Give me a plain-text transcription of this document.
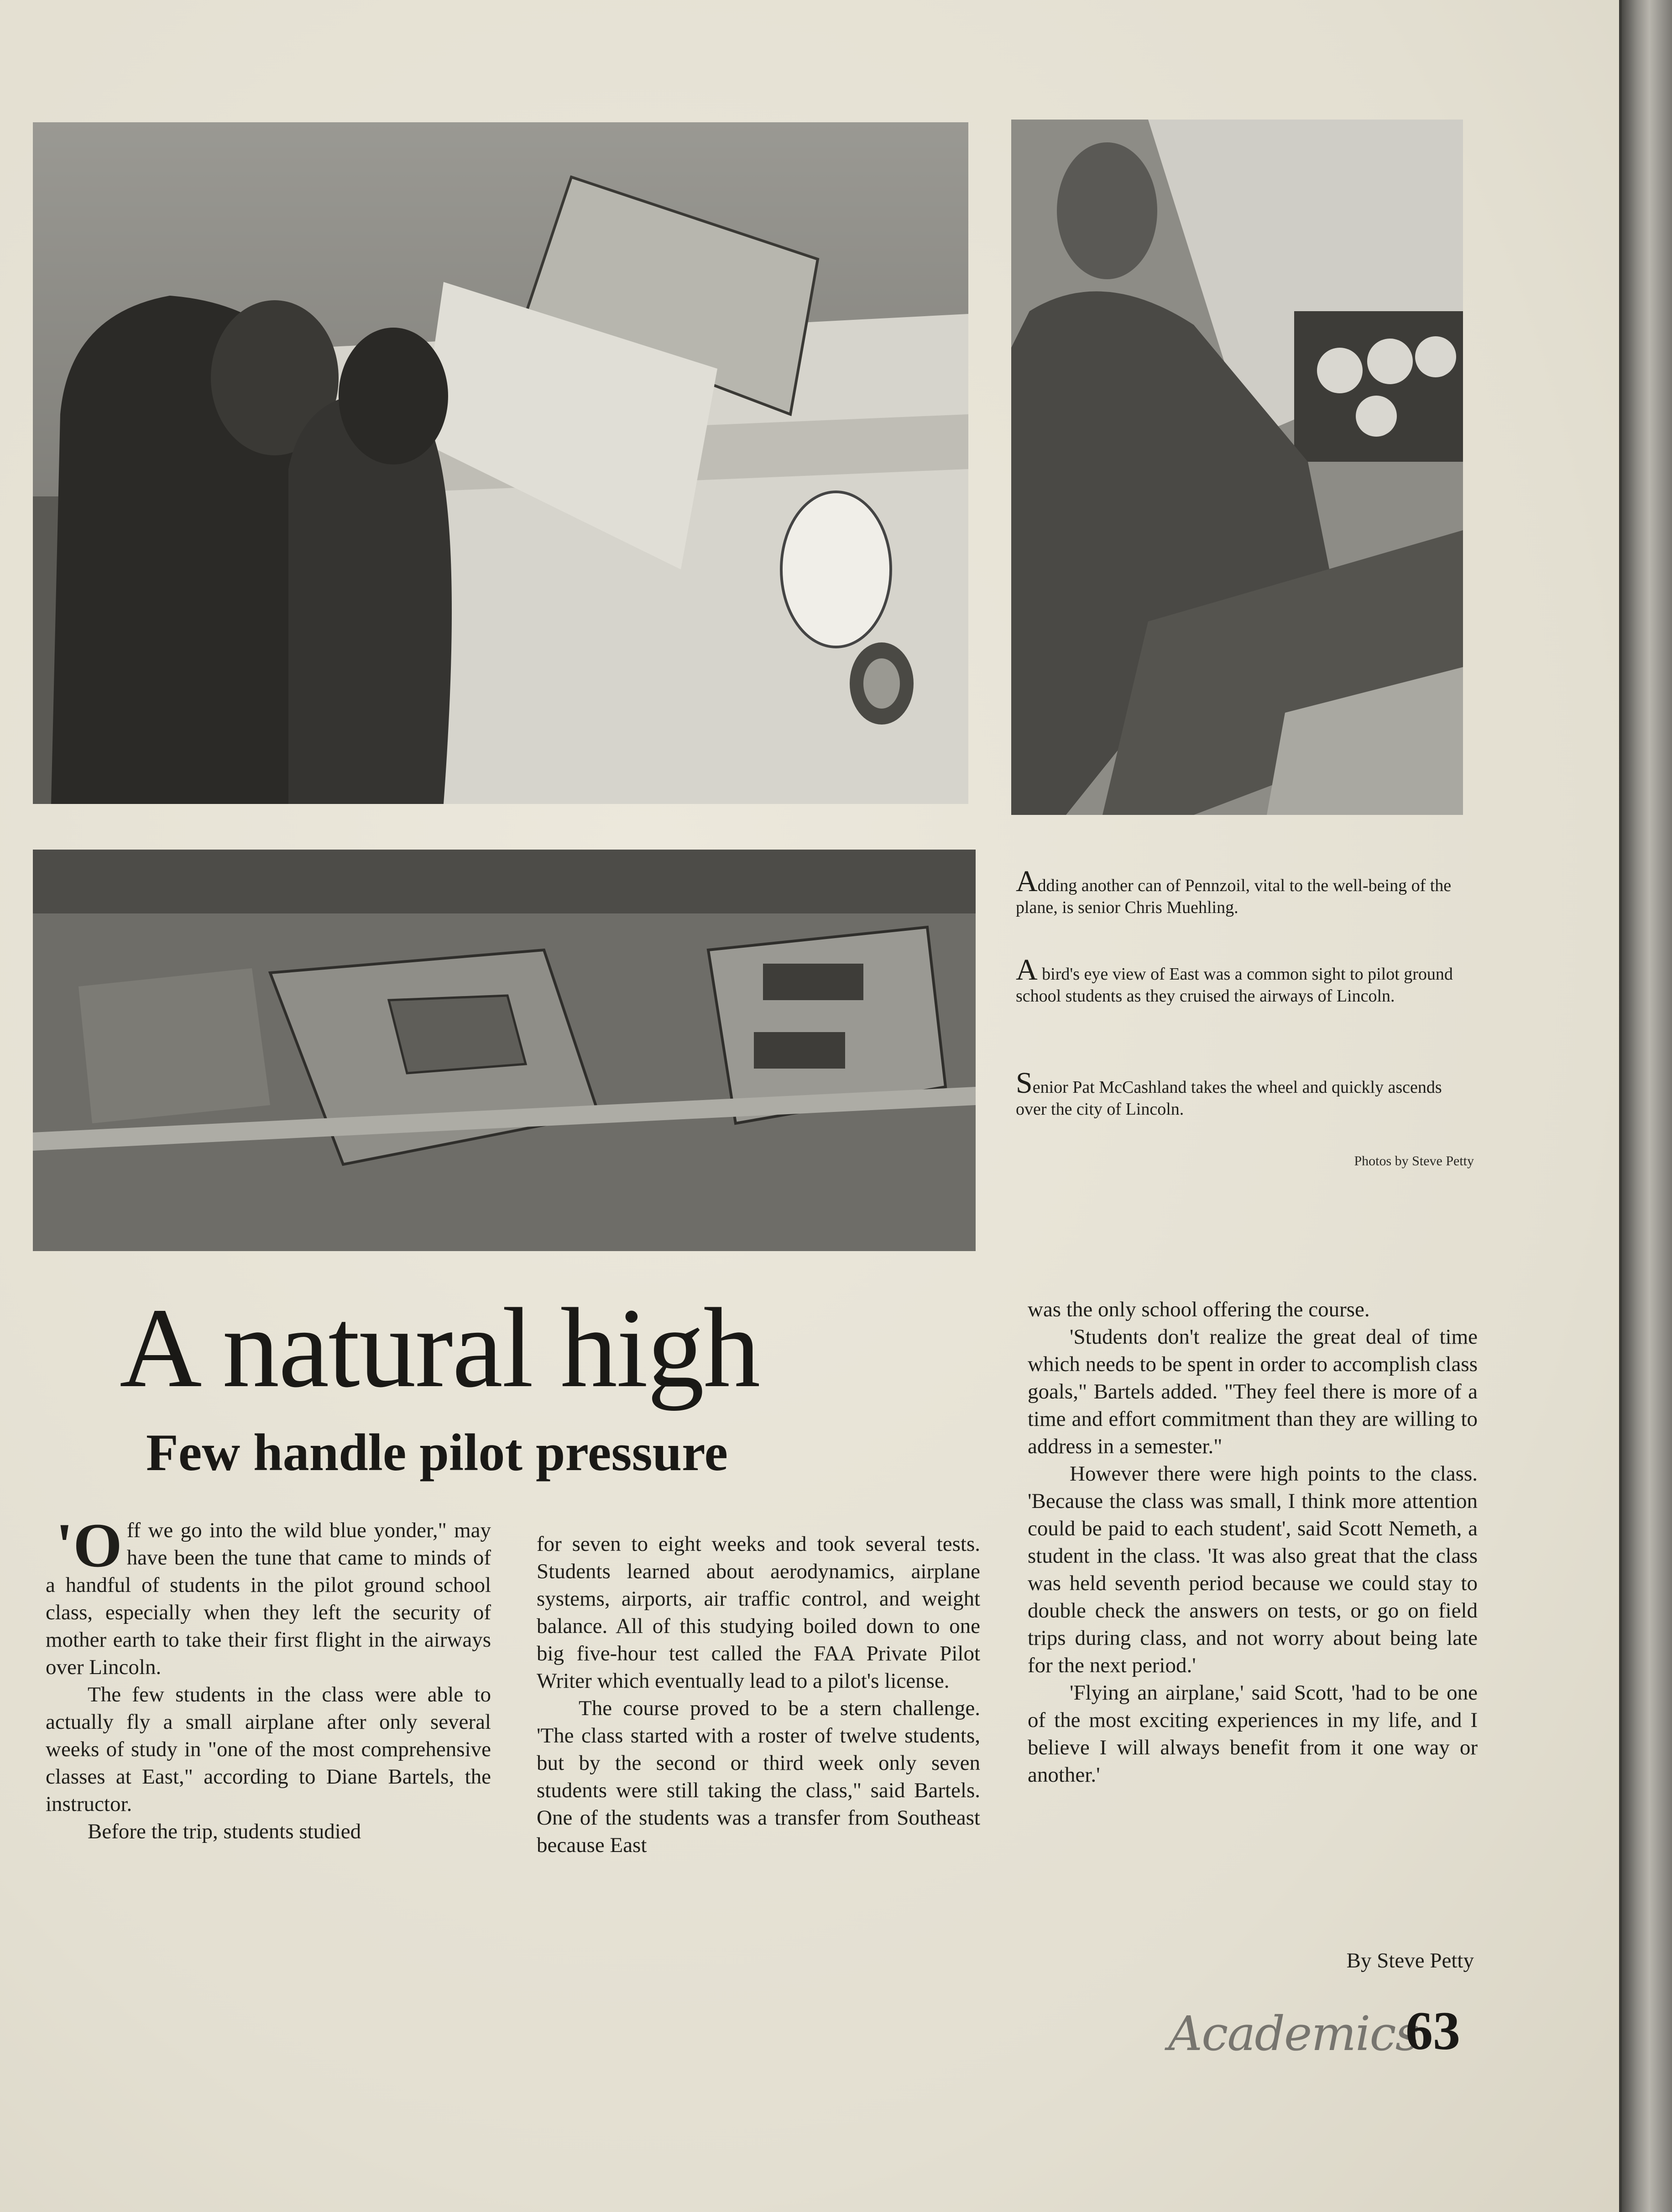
Adding another can of Pennzoil, vital to the well-being of the plane, is senior Chris Muehling.
A bird's eye view of East was a common sight to pilot ground school students as they cruised the airways of Lincoln.
Senior Pat McCashland takes the wheel and quickly ascends over the city of Lincoln.
Photos by Steve Petty
A natural high
Few handle pilot pressure

'Off we go into the wild blue yonder," may have been the tune that came to minds of a handful of students in the pilot ground school class, especially when they left the security of mother earth to take their first flight in the airways over Lincoln.

The few students in the class were able to actually fly a small airplane after only several weeks of study in "one of the most comprehensive classes at East," according to Diane Bartels, the instructor.

Before the trip, students studied

for seven to eight weeks and took several tests. Students learned about aerodynamics, airplane systems, airports, air traffic control, and weight balance. All of this studying boiled down to one big five-hour test called the FAA Private Pilot Writer which eventually lead to a pilot's license.

The course proved to be a stern challenge. 'The class started with a roster of twelve students, but by the second or third week only seven students were still taking the class," said Bartels. One of the students was a transfer from Southeast because East

was the only school offering the course.

'Students don't realize the great deal of time which needs to be spent in order to accomplish class goals," Bartels added. "They feel there is more of a time and effort commitment than they are willing to address in a semester."

However there were high points to the class. 'Because the class was small, I think more attention could be paid to each student', said Scott Nemeth, a student in the class. 'It was also great that the class was held seventh period because we could stay to double check the answers on tests, or go on field trips during class, and not worry about being late for the next period.'

'Flying an airplane,' said Scott, 'had to be one of the most exciting experiences in my life, and I believe I will always benefit from it one way or another.'

By Steve Petty
Academics
63
